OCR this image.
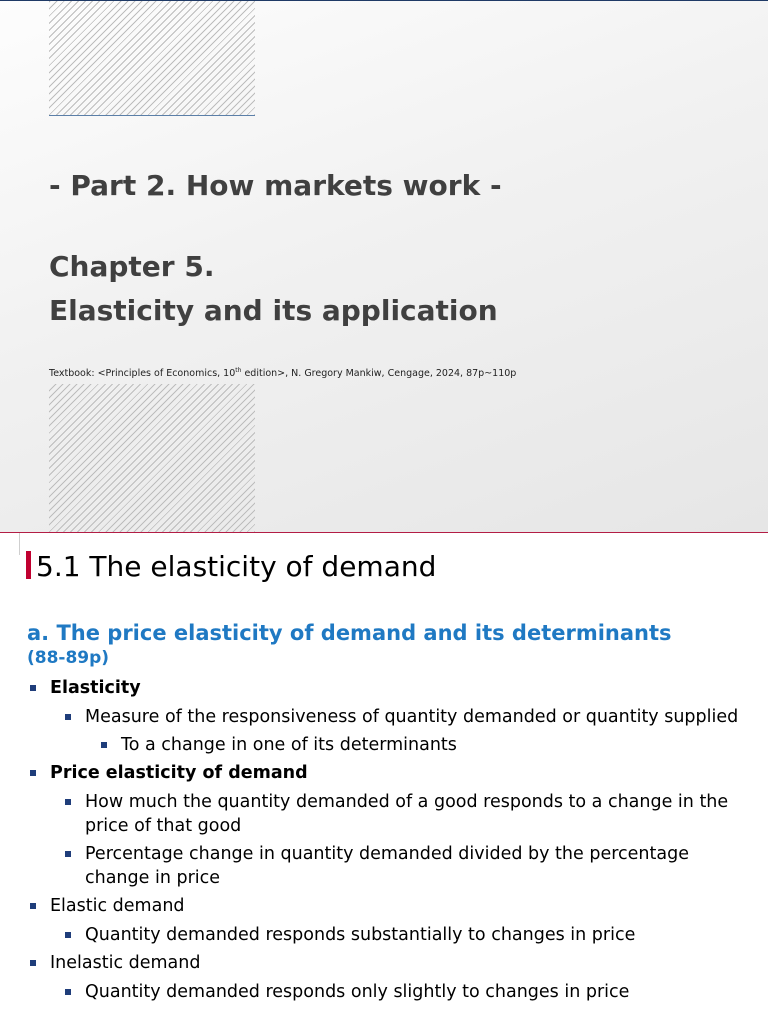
- Part 2. How markets work -
Chapter 5.
Elasticity and its application
Textbook: <Principles of Economics, 10th edition>, N. Gregory Mankiw, Cengage, 2024, 87p~110p
5.1 The elasticity of demand
a. The price elasticity of demand and its determinants
(88-89p)
Elasticity
Measure of the responsiveness of quantity demanded or quantity supplied
To a change in one of its determinants
Price elasticity of demand
How much the quantity demanded of a good responds to a change in the
price of that good
Percentage change in quantity demanded divided by the percentage
change in price
Elastic demand
Quantity demanded responds substantially to changes in price
Inelastic demand
Quantity demanded responds only slightly to changes in price
